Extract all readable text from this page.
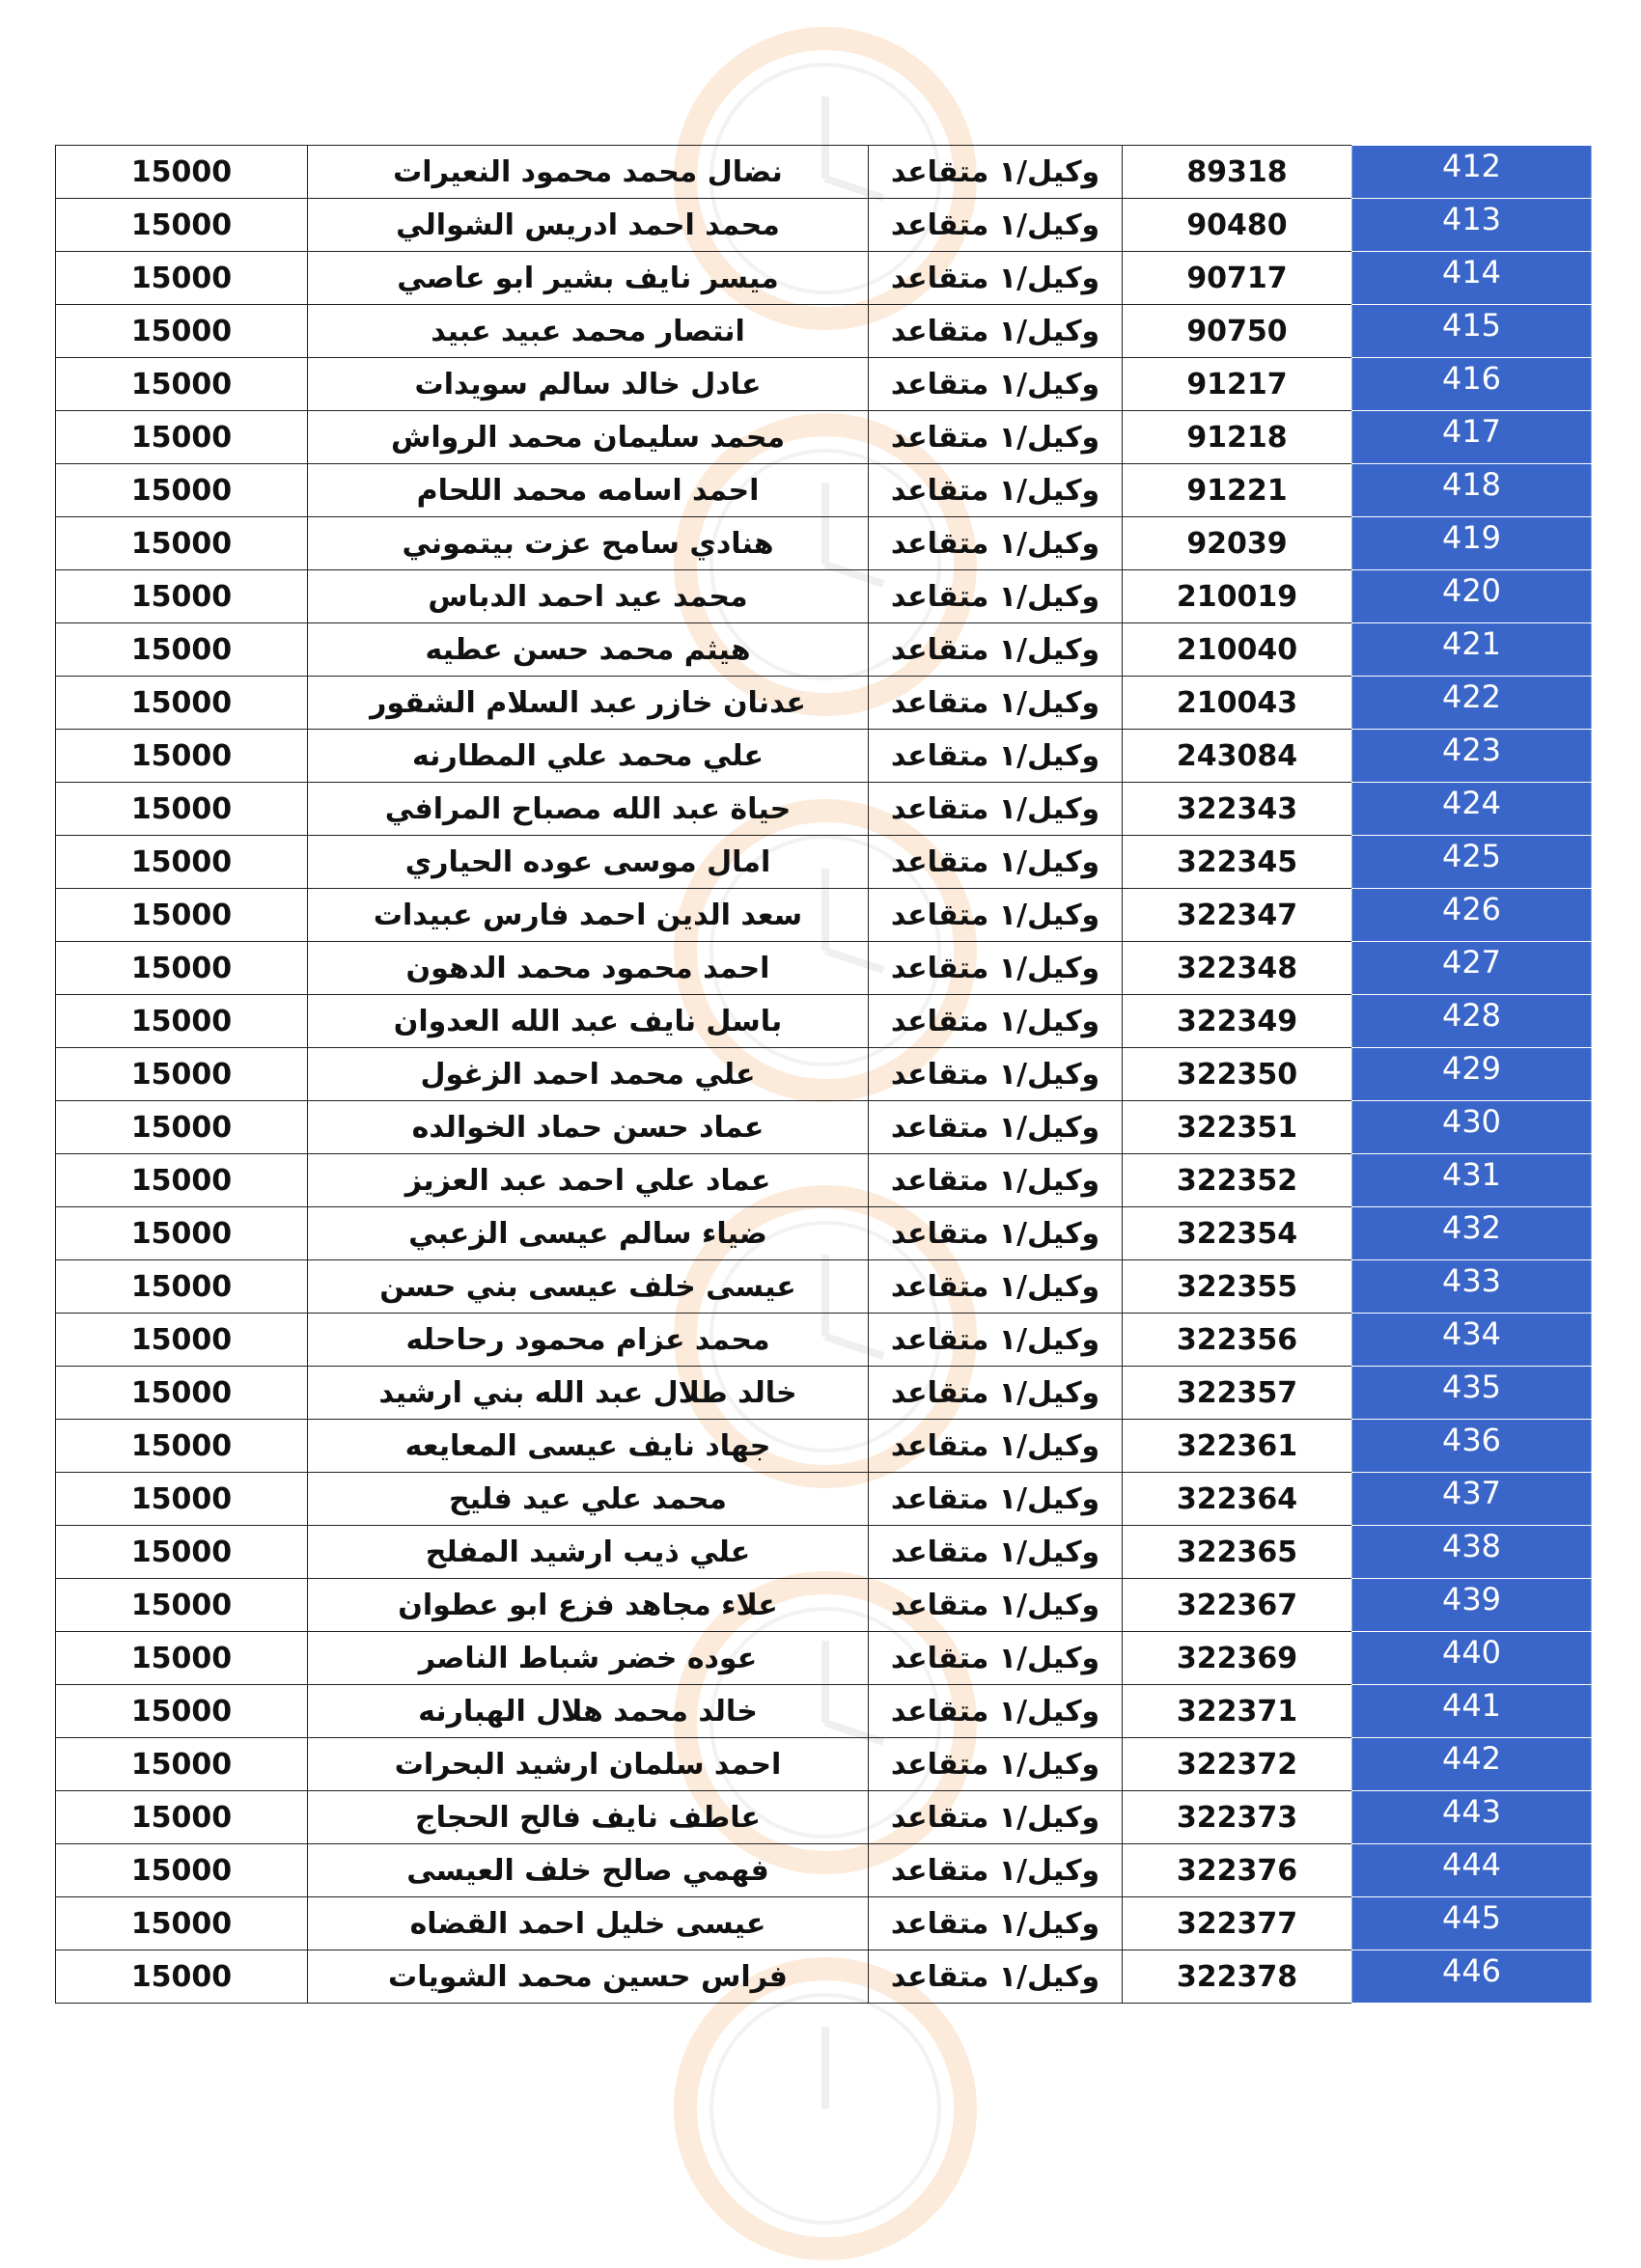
412	89318	وكيل/١ متقاعد	نضال محمد محمود النعيرات	15000
413	90480	وكيل/١ متقاعد	محمد احمد ادريس الشوالي	15000
414	90717	وكيل/١ متقاعد	ميسر نايف بشير ابو عاصي	15000
415	90750	وكيل/١ متقاعد	انتصار محمد عبيد عبيد	15000
416	91217	وكيل/١ متقاعد	عادل خالد سالم سويدات	15000
417	91218	وكيل/١ متقاعد	محمد سليمان محمد الرواش	15000
418	91221	وكيل/١ متقاعد	احمد اسامه محمد اللحام	15000
419	92039	وكيل/١ متقاعد	هنادي سامح عزت بيتموني	15000
420	210019	وكيل/١ متقاعد	محمد عيد احمد الدباس	15000
421	210040	وكيل/١ متقاعد	هيثم محمد حسن عطيه	15000
422	210043	وكيل/١ متقاعد	عدنان خازر عبد السلام الشقور	15000
423	243084	وكيل/١ متقاعد	علي محمد علي المطارنه	15000
424	322343	وكيل/١ متقاعد	حياة عبد الله مصباح المرافي	15000
425	322345	وكيل/١ متقاعد	امال موسى عوده الحياري	15000
426	322347	وكيل/١ متقاعد	سعد الدين احمد فارس عبيدات	15000
427	322348	وكيل/١ متقاعد	احمد محمود محمد الدهون	15000
428	322349	وكيل/١ متقاعد	باسل نايف عبد الله العدوان	15000
429	322350	وكيل/١ متقاعد	علي محمد احمد الزغول	15000
430	322351	وكيل/١ متقاعد	عماد حسن حماد الخوالده	15000
431	322352	وكيل/١ متقاعد	عماد علي احمد عبد العزيز	15000
432	322354	وكيل/١ متقاعد	ضياء سالم عيسى الزعبي	15000
433	322355	وكيل/١ متقاعد	عيسى خلف عيسى بني حسن	15000
434	322356	وكيل/١ متقاعد	محمد عزام محمود رحاحله	15000
435	322357	وكيل/١ متقاعد	خالد طلال عبد الله بني ارشيد	15000
436	322361	وكيل/١ متقاعد	جهاد نايف عيسى المعايعه	15000
437	322364	وكيل/١ متقاعد	محمد علي عيد فليح	15000
438	322365	وكيل/١ متقاعد	علي ذيب ارشيد المفلح	15000
439	322367	وكيل/١ متقاعد	علاء مجاهد فزع ابو عطوان	15000
440	322369	وكيل/١ متقاعد	عوده خضر شباط الناصر	15000
441	322371	وكيل/١ متقاعد	خالد محمد هلال الهبارنه	15000
442	322372	وكيل/١ متقاعد	احمد سلمان ارشيد البحرات	15000
443	322373	وكيل/١ متقاعد	عاطف نايف فالح الحجاج	15000
444	322376	وكيل/١ متقاعد	فهمي صالح خلف العيسى	15000
445	322377	وكيل/١ متقاعد	عيسى خليل احمد القضاه	15000
446	322378	وكيل/١ متقاعد	فراس حسين محمد الشويات	15000
